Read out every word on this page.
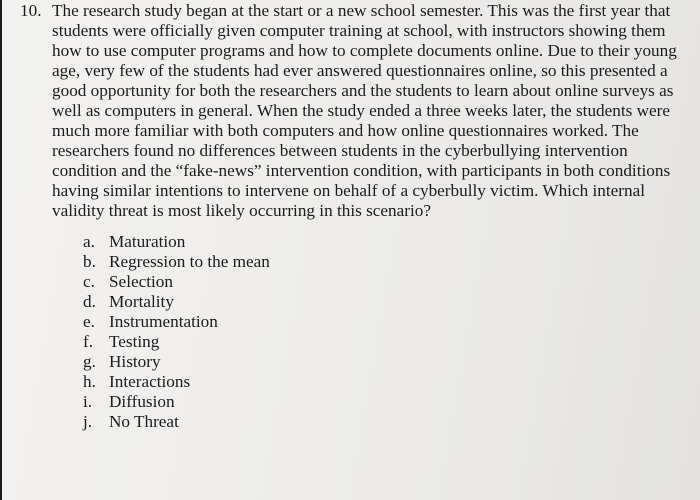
10. The research study began at the start or a new school semester. This was the first year that
students were officially given computer training at school, with instructors showing them
how to use computer programs and how to complete documents online. Due to their young
age, very few of the students had ever answered questionnaires online, so this presented a
good opportunity for both the researchers and the students to learn about online surveys as
well as computers in general. When the study ended a three weeks later, the students were
much more familiar with both computers and how online questionnaires worked. The
researchers found no differences between students in the cyberbullying intervention
condition and the “fake-news” intervention condition, with participants in both conditions
having similar intentions to intervene on behalf of a cyberbully victim. Which internal
validity threat is most likely occurring in this scenario?
a. Maturation
b. Regression to the mean
c. Selection
d. Mortality
e. Instrumentation
f. Testing
g. History
h. Interactions
i. Diffusion
j. No Threat
